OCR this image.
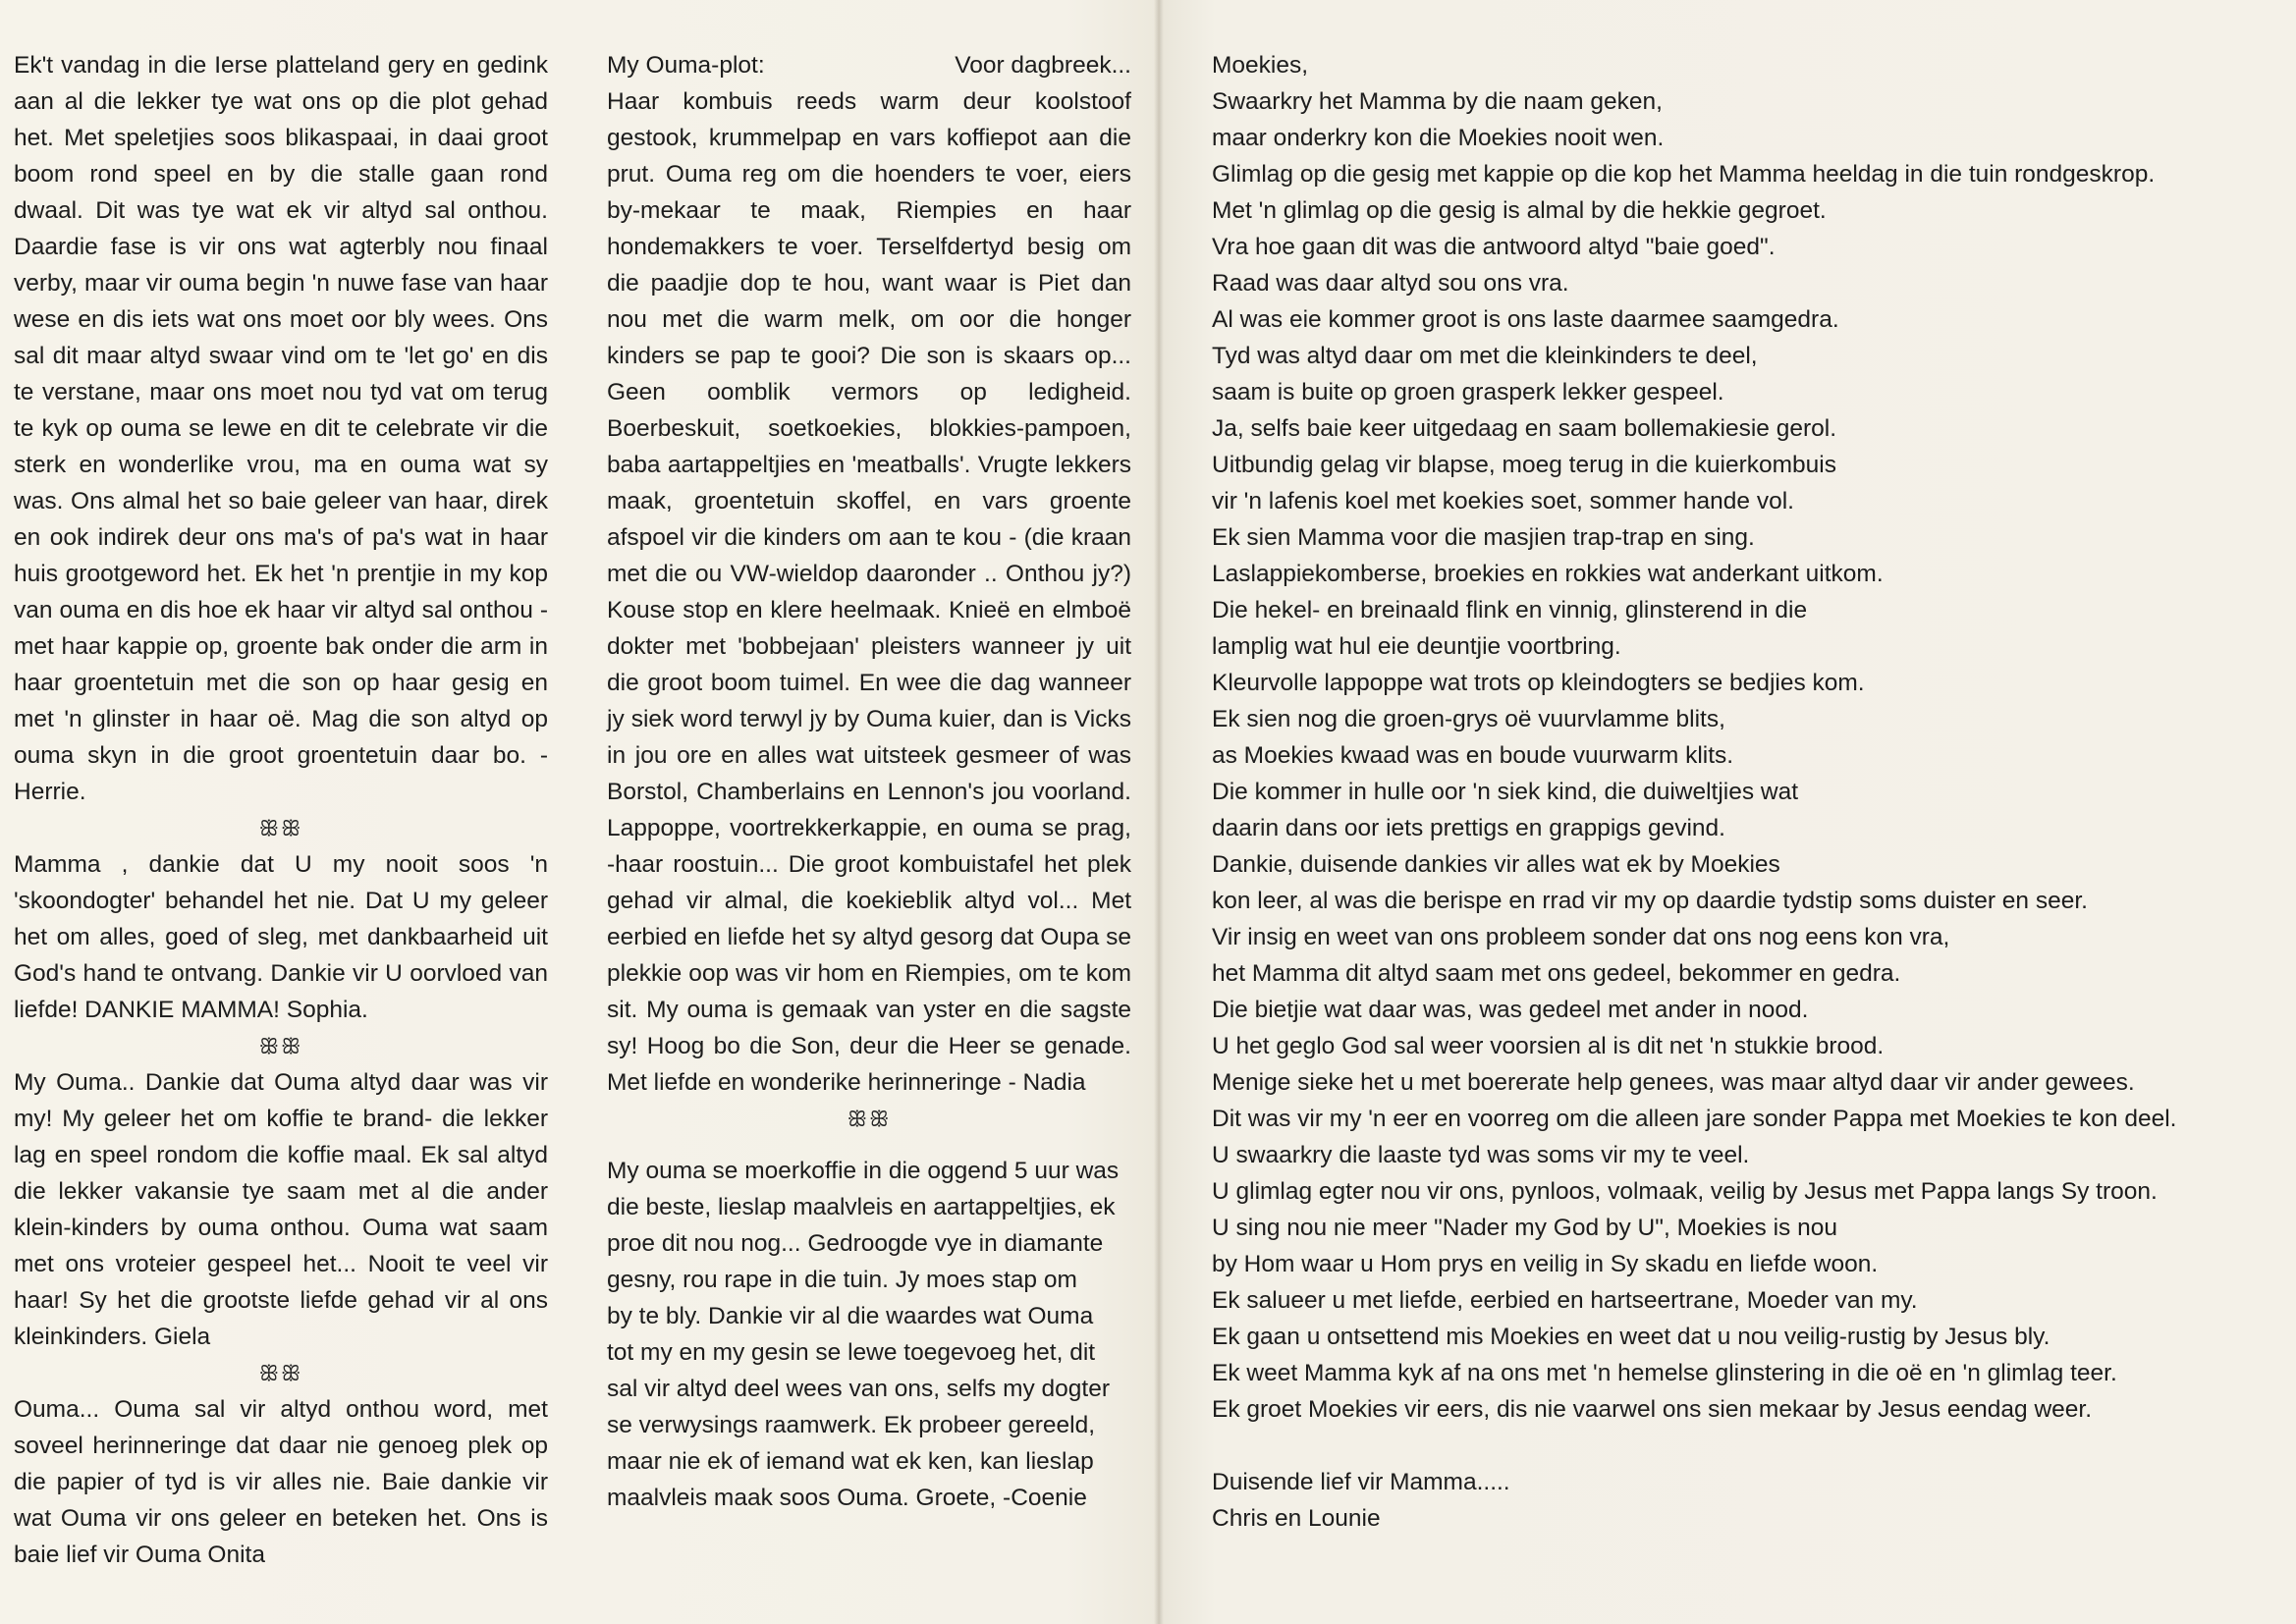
Ek't vandag in die Ierse platteland gery en gedink aan al die lekker tye wat ons op die plot gehad het. Met speletjies soos blikaspaai, in daai groot boom rond speel en by die stalle gaan rond dwaal. Dit was tye wat ek vir altyd sal onthou. Daardie fase is vir ons wat agterbly nou finaal verby, maar vir ouma begin 'n nuwe fase van haar wese en dis iets wat ons moet oor bly wees. Ons sal dit maar altyd swaar vind om te 'let go' en dis te verstane, maar ons moet nou tyd vat om terug te kyk op ouma se lewe en dit te celebrate vir die sterk en wonderlike vrou, ma en ouma wat sy was. Ons almal het so baie geleer van haar, direk en ook indirek deur ons ma's of pa's wat in haar huis grootgeword het. Ek het 'n prentjie in my kop van ouma en dis hoe ek haar vir altyd sal onthou - met haar kappie op, groente bak onder die arm in haar groentetuin met die son op haar gesig en met 'n glinster in haar oë. Mag die son altyd op ouma skyn in die groot groentetuin daar bo. - Herrie.

ꕥꕥ

Mamma , dankie dat U my nooit soos 'n 'skoondogter' behandel het nie. Dat U my geleer het om alles, goed of sleg, met dankbaarheid uit God's hand te ontvang. Dankie vir U oorvloed van liefde! DANKIE MAMMA! Sophia.

ꕥꕥ

My Ouma.. Dankie dat Ouma altyd daar was vir my! My geleer het om koffie te brand- die lekker lag en speel rondom die koffie maal. Ek sal altyd die lekker vakansie tye saam met al die ander klein-kinders by ouma onthou. Ouma wat saam met ons vroteier gespeel het... Nooit te veel vir haar! Sy het die grootste liefde gehad vir al ons kleinkinders. Giela

ꕥꕥ

Ouma... Ouma sal vir altyd onthou word, met soveel herinneringe dat daar nie genoeg plek op die papier of tyd is vir alles nie. Baie dankie vir wat Ouma vir ons geleer en beteken het. Ons is baie lief vir Ouma Onita

My Ouma-plot:	Voor dagbreek...

Haar kombuis reeds warm deur koolstoof gestook, krummelpap en vars koffiepot aan die prut. Ouma reg om die hoenders te voer, eiers by-mekaar te maak, Riempies en haar hondemakkers te voer. Terselfdertyd besig om die paadjie dop te hou, want waar is Piet dan nou met die warm melk, om oor die honger kinders se pap te gooi? Die son is skaars op... Geen oomblik vermors op ledigheid. Boerbeskuit, soetkoekies, blokkies-pampoen, baba aartappeltjies en 'meatballs'. Vrugte lekkers maak, groentetuin skoffel, en vars groente afspoel vir die kinders om aan te kou - (die kraan met die ou VW-wieldop daaronder .. Onthou jy?) Kouse stop en klere heelmaak. Knieë en elmboë dokter met 'bobbejaan' pleisters wanneer jy uit die groot boom tuimel. En wee die dag wanneer jy siek word terwyl jy by Ouma kuier, dan is Vicks in jou ore en alles wat uitsteek gesmeer of was Borstol, Chamberlains en Lennon's jou voorland. Lappoppe, voortrekkerkappie, en ouma se prag, -haar roostuin... Die groot kombuistafel het plek gehad vir almal, die koekieblik altyd vol... Met eerbied en liefde het sy altyd gesorg dat Oupa se plekkie oop was vir hom en Riempies, om te kom sit. My ouma is gemaak van yster en die sagste sy! Hoog bo die Son, deur die Heer se genade. Met liefde en wonderike herinneringe - Nadia

ꕥꕥ

My ouma se moerkoffie in die oggend 5 uur was

die beste, lieslap maalvleis en aartappeltjies, ek

proe dit nou nog... Gedroogde vye in diamante

gesny, rou rape in die tuin. Jy moes stap om

by te bly. Dankie vir al die waardes wat Ouma

tot my en my gesin se lewe toegevoeg het, dit

sal vir altyd deel wees van ons, selfs my dogter

se verwysings raamwerk. Ek probeer gereeld,

maar nie ek of iemand wat ek ken, kan lieslap

maalvleis maak soos Ouma. Groete, -Coenie

Moekies,

Swaarkry het Mamma by die naam geken,

maar onderkry kon die Moekies nooit wen.

Glimlag op die gesig met kappie op die kop het Mamma heeldag in die tuin rondgeskrop.

Met 'n glimlag op die gesig is almal by die hekkie gegroet.

Vra hoe gaan dit was die antwoord altyd "baie goed".

Raad was daar altyd sou ons vra.

Al was eie kommer groot is ons laste daarmee saamgedra.

Tyd was altyd daar om met die kleinkinders te deel,

saam is buite op groen grasperk lekker gespeel.

Ja, selfs baie keer uitgedaag en saam bollemakiesie gerol.

Uitbundig gelag vir blapse, moeg terug in die kuierkombuis

vir 'n lafenis koel met koekies soet, sommer hande vol.

Ek sien Mamma voor die masjien trap-trap en sing.

Laslappiekomberse, broekies en rokkies wat anderkant uitkom.

Die hekel- en breinaald flink en vinnig, glinsterend in die

lamplig wat hul eie deuntjie voortbring.

Kleurvolle lappoppe wat trots op kleindogters se bedjies kom.

Ek sien nog die groen-grys oë vuurvlamme blits,

as Moekies kwaad was en boude vuurwarm klits.

Die kommer in hulle oor 'n siek kind, die duiweltjies wat

daarin dans oor iets prettigs en grappigs gevind.

Dankie, duisende dankies vir alles wat ek by Moekies

kon leer, al was die berispe en rrad vir my op daardie tydstip soms duister en seer.

Vir insig en weet van ons probleem sonder dat ons nog eens kon vra,

het Mamma dit altyd saam met ons gedeel, bekommer en gedra.

Die bietjie wat daar was, was gedeel met ander in nood.

U het geglo God sal weer voorsien al is dit net 'n stukkie brood.

Menige sieke het u met boererate help genees, was maar altyd daar vir ander gewees.

Dit was vir my 'n eer en voorreg om die alleen jare sonder Pappa met Moekies te kon deel.

U swaarkry die laaste tyd was soms vir my te veel.

U glimlag egter nou vir ons, pynloos, volmaak, veilig by Jesus met Pappa langs Sy troon.

U sing nou nie meer "Nader my God by U", Moekies is nou

by Hom waar u Hom prys en veilig in Sy skadu en liefde woon.

Ek salueer u met liefde, eerbied en hartseertrane, Moeder van my.

Ek gaan u ontsettend mis Moekies en weet dat u nou veilig-rustig by Jesus bly.

Ek weet Mamma kyk af na ons met 'n hemelse glinstering in die oë en 'n glimlag teer.

Ek groet Moekies vir eers, dis nie vaarwel ons sien mekaar by Jesus eendag weer.

Duisende lief vir Mamma.....

Chris en Lounie
